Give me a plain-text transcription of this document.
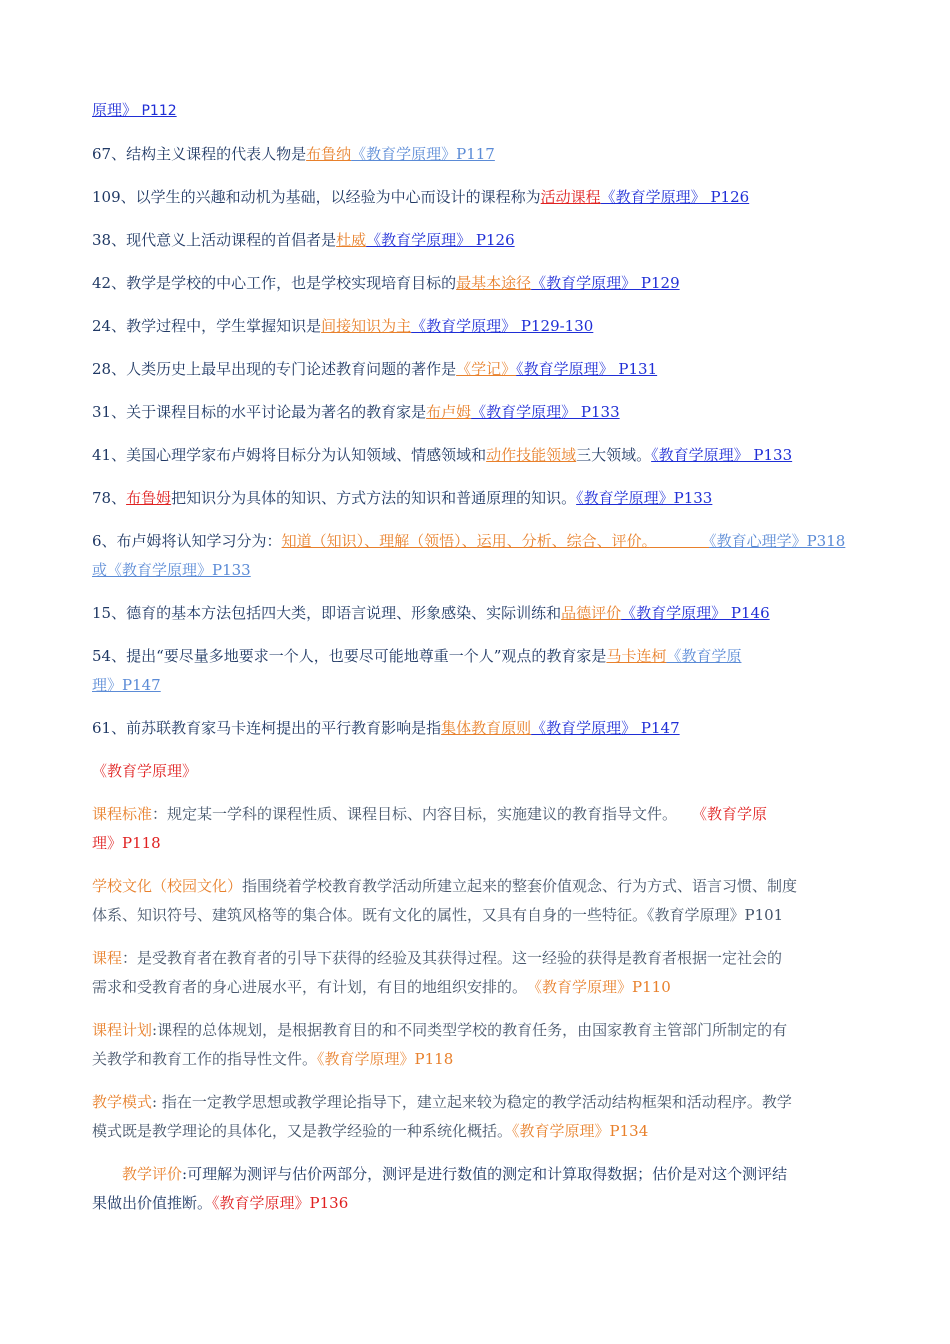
原理》 P112

67、结构主义课程的代表人物是布鲁纳《教育学原理》P117

109、以学生的兴趣和动机为基础，以经验为中心而设计的课程称为活动课程《教育学原理》 P126

38、现代意义上活动课程的首倡者是杜威《教育学原理》 P126

42、教学是学校的中心工作，也是学校实现培育目标的最基本途径《教育学原理》 P129

24、教学过程中，学生掌握知识是间接知识为主《教育学原理》 P129-130

28、人类历史上最早出现的专门论述教育问题的著作是《学记》《教育学原理》 P131

31、关于课程目标的水平讨论最为著名的教育家是布卢姆《教育学原理》 P133

41、美国心理学家布卢姆将目标分为认知领域、情感领域和动作技能领域三大领域。《教育学原理》 P133

78、布鲁姆把知识分为具体的知识、方式方法的知识和普通原理的知识。《教育学原理》P133

6、布卢姆将认知学习分为：知道（知识）、理解（领悟）、运用、分析、综合、评价。　　　　	《教育心理学》P318
或《教育学原理》P133

15、德育的基本方法包括四大类，即语言说理、形象感染、实际训练和品德评价《教育学原理》 P146

54、提出“要尽量多地要求一个人，也要尽可能地尊重一个人”观点的教育家是马卡连柯《教育学原
理》P147

61、前苏联教育家马卡连柯提出的平行教育影响是指集体教育原则《教育学原理》 P147

《教育学原理》

课程标准：规定某一学科的课程性质、课程目标、内容目标，实施建议的教育指导文件。　　 《教育学原
理》P118

学校文化（校园文化）指围绕着学校教育教学活动所建立起来的整套价值观念、行为方式、语言习惯、制度
体系、知识符号、建筑风格等的集合体。既有文化的属性，又具有自身的一些特征。《教育学原理》P101

课程：是受教育者在教育者的引导下获得的经验及其获得过程。这一经验的获得是教育者根据一定社会的
需求和受教育者的身心进展水平，有计划，有目的地组织安排的。　 《教育学原理》P110

课程计划:课程的总体规划，是根据教育目的和不同类型学校的教育任务，由国家教育主管部门所制定的有
关教学和教育工作的指导性文件。《教育学原理》P118

教学模式: 指在一定教学思想或教学理论指导下，建立起来较为稳定的教学活动结构框架和活动程序。教学
模式既是教学理论的具体化，又是教学经验的一种系统化概括。《教育学原理》P134

　　教学评价:可理解为测评与估价两部分，测评是进行数值的测定和计算取得数据；估价是对这个测评结
果做出价值推断。《教育学原理》P136
